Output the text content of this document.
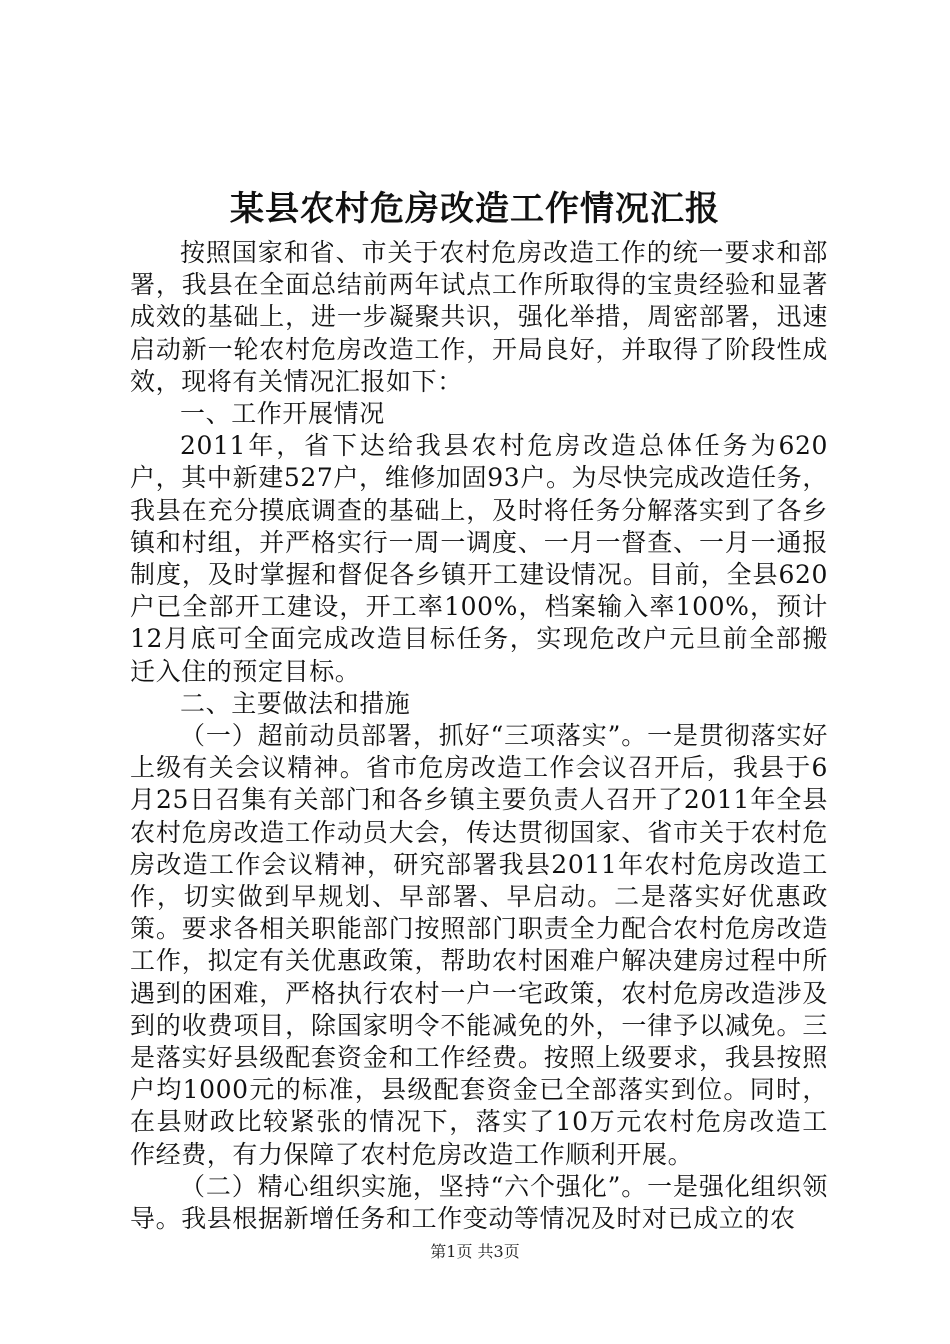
某县农村危房改造工作情况汇报

按照国家和省、市关于农村危房改造工作的统一要求和部署，我县在全面总结前两年试点工作所取得的宝贵经验和显著成效的基础上，进一步凝聚共识，强化举措，周密部署，迅速启动新一轮农村危房改造工作，开局良好，并取得了阶段性成效，现将有关情况汇报如下：

一、工作开展情况

2011年，省下达给我县农村危房改造总体任务为620户，其中新建527户，维修加固93户。为尽快完成改造任务，我县在充分摸底调查的基础上，及时将任务分解落实到了各乡镇和村组，并严格实行一周一调度、一月一督查、一月一通报制度，及时掌握和督促各乡镇开工建设情况。目前，全县620户已全部开工建设，开工率100%，档案输入率100%，预计12月底可全面完成改造目标任务，实现危改户元旦前全部搬迁入住的预定目标。

二、主要做法和措施

（一）超前动员部署，抓好“三项落实”。一是贯彻落实好上级有关会议精神。省市危房改造工作会议召开后，我县于6月25日召集有关部门和各乡镇主要负责人召开了2011年全县农村危房改造工作动员大会，传达贯彻国家、省市关于农村危房改造工作会议精神，研究部署我县2011年农村危房改造工作，切实做到早规划、早部署、早启动。二是落实好优惠政策。要求各相关职能部门按照部门职责全力配合农村危房改造工作，拟定有关优惠政策，帮助农村困难户解决建房过程中所遇到的困难，严格执行农村一户一宅政策，农村危房改造涉及到的收费项目，除国家明令不能减免的外，一律予以减免。三是落实好县级配套资金和工作经费。按照上级要求，我县按照户均1000元的标准，县级配套资金已全部落实到位。同时，在县财政比较紧张的情况下，落实了10万元农村危房改造工作经费，有力保障了农村危房改造工作顺利开展。

（二）精心组织实施，坚持“六个强化”。一是强化组织领导。我县根据新增任务和工作变动等情况及时对已成立的农

第1页 共3页
